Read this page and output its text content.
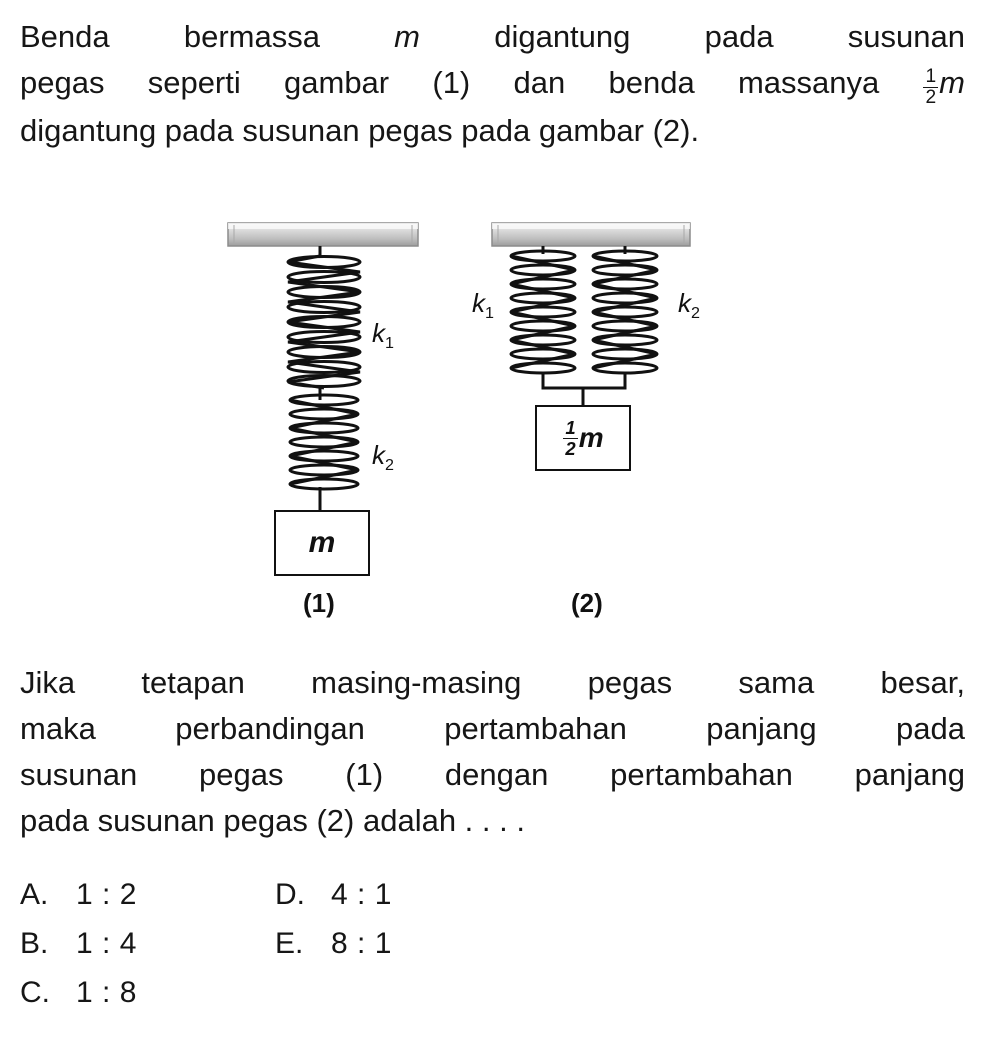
Benda bermassa m digantung pada susunan
pegas seperti gambar (1) dan benda massanya $\frac{1}{2}$ m
digantung pada susunan pegas pada gambar (2).
m
$\frac{1}{2}$ m
$k_1$
$k_2$
$k_1$	$k_2$
(1)	(2)
Jika tetapan masing-masing pegas sama besar,
maka perbandingan pertambahan panjang pada
susunan pegas (1) dengan pertambahan panjang
pada susunan pegas (2) adalah . . . .
A. 1 : 2	D. 4 : 1
B. 1 : 4	E. 8 : 1
C. 1 : 8
